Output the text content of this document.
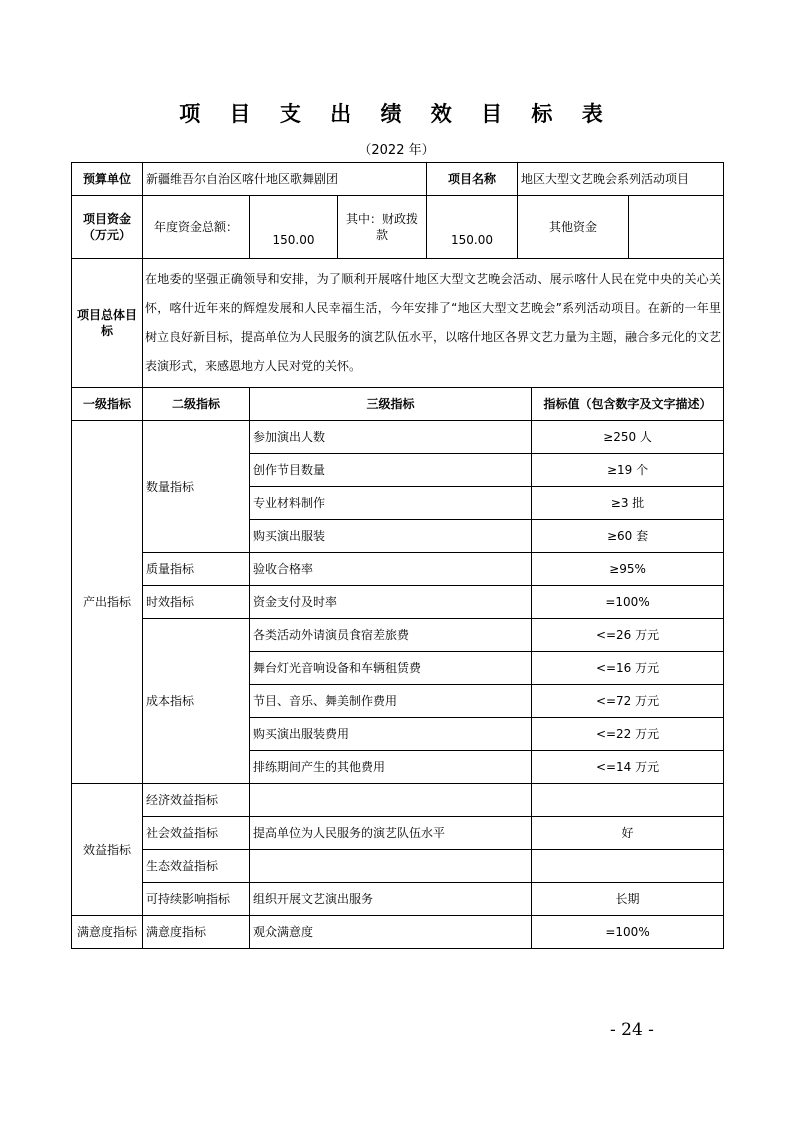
项 目 支 出 绩 效 目 标 表
（2022 年）
预算单位	新疆维吾尔自治区喀什地区歌舞剧团			项目名称	地区大型文艺晚会系列活动项目		
项目资金（万元）	年度资金总额：	150.00	其中：财政拨款	150.00	其他资金		
项目总体目标	在地委的坚强正确领导和安排，为了顺利开展喀什地区大型文艺晚会活动、展示喀什人民在党中央的关心关怀，喀什近年来的辉煌发展和人民幸福生活，今年安排了“地区大型文艺晚会”系列活动项目。在新的一年里树立良好新目标，提高单位为人民服务的演艺队伍水平，以喀什地区各界文艺力量为主题，融合多元化的文艺表演形式，来感恩地方人民对党的关怀。						
一级指标	二级指标	三级指标				指标值（包含数字及文字描述）	
产出指标	数量指标	参加演出人数				≥250 人	
		创作节目数量				≥19 个	
		专业材料制作				≥3 批	
		购买演出服装				≥60 套	
	质量指标	验收合格率				≥95%	
	时效指标	资金支付及时率				=100%	
	成本指标	各类活动外请演员食宿差旅费				<=26 万元	
		舞台灯光音响设备和车辆租赁费				<=16 万元	
		节目、音乐、舞美制作费用				<=72 万元	
		购买演出服装费用				<=22 万元	
		排练期间产生的其他费用				<=14 万元	
效益指标	经济效益指标						
	社会效益指标	提高单位为人民服务的演艺队伍水平				好	
	生态效益指标						
	可持续影响指标	组织开展文艺演出服务				长期	
满意度指标	满意度指标	观众满意度				=100%	
- 24 -
